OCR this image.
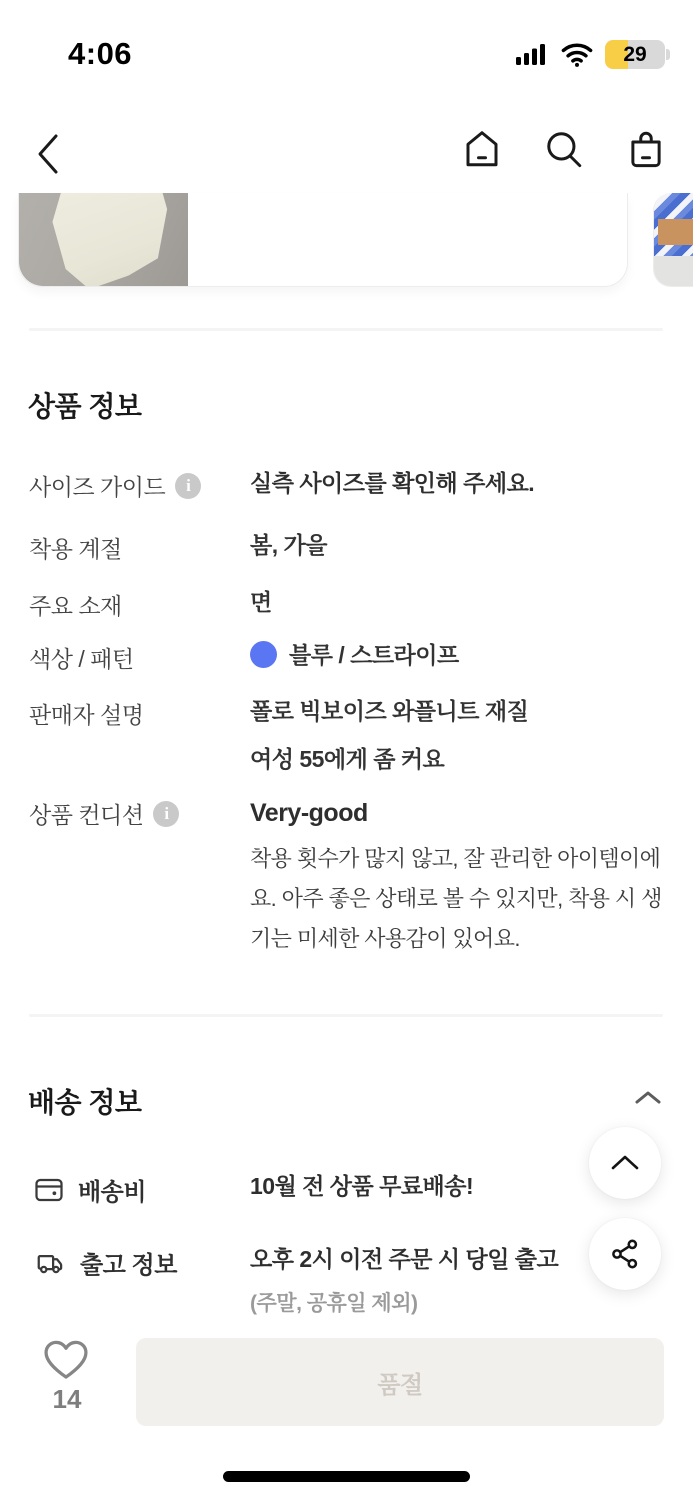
4:06	29
상품 정보
사이즈 가이드	i	실측 사이즈를 확인해 주세요.
착용 계절	봄, 가을
주요 소재	면
색상 / 패턴	블루 / 스트라이프
판매자 설명	폴로 빅보이즈 와플니트 재질
여성 55에게 좀 커요
상품 컨디션	i	Very-good
착용 횟수가 많지 않고, 잘 관리한 아이템이에요. 아주 좋은 상태로 볼 수 있지만, 착용 시 생기는 미세한 사용감이 있어요.
배송 정보
배송비	10월 전 상품 무료배송!
출고 정보	오후 2시 이전 주문 시 당일 출고
(주말, 공휴일 제외)
14	품절
